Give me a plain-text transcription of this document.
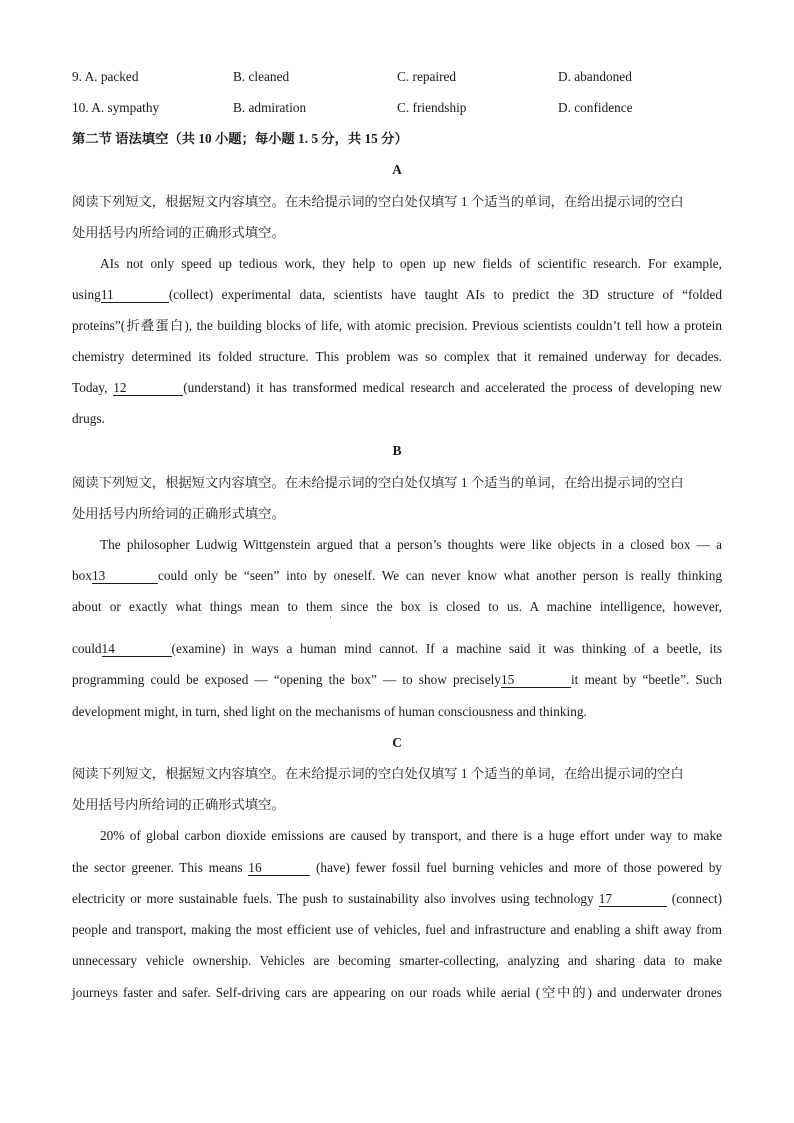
9. A. packed	B. cleaned	C. repaired	D. abandoned
10. A. sympathy	B. admiration	C. friendship	D. confidence
第二节 语法填空（共 10 小题；每小题 1. 5 分，共 15 分）
A
阅读下列短文，根据短文内容填空。在未给提示词的空白处仅填写 1 个适当的单词，在给出提示词的空白
处用括号内所给词的正确形式填空。
AIs not only speed up tedious work, they help to open up new fields of scientific research. For example,
using11	(collect) experimental data, scientists have taught AIs to predict the 3D structure of “folded
proteins”(折叠蛋白), the building blocks of life, with atomic precision. Previous scientists couldn’t tell how a protein
chemistry determined its folded structure. This problem was so complex that it remained underway for decades.
Today, 12	(understand) it has transformed medical research and accelerated the process of developing new
drugs.
B
阅读下列短文，根据短文内容填空。在未给提示词的空白处仅填写 1 个适当的单词，在给出提示词的空白
处用括号内所给词的正确形式填空。
The philosopher Ludwig Wittgenstein argued that a person’s thoughts were like objects in a closed box — a
box13	could only be “seen” into by oneself. We can never know what another person is really thinking
about or exactly what things mean to them since the box is closed to us. A machine intelligence, however,
'
could14	(examine) in ways a human mind cannot. If a machine said it was thinking of a beetle, its
programming could be exposed — “opening the box” — to show precisely15	it meant by “beetle”. Such
development might, in turn, shed light on the mechanisms of human consciousness and thinking.
C
阅读下列短文，根据短文内容填空。在未给提示词的空白处仅填写 1 个适当的单词，在给出提示词的空白
处用括号内所给词的正确形式填空。
20% of global carbon dioxide emissions are caused by transport, and there is a huge effort under way to make
the sector greener. This means 16	(have) fewer fossil fuel burning vehicles and more of those powered by
electricity or more sustainable fuels. The push to sustainability also involves using technology 17	(connect)
people and transport, making the most efficient use of vehicles, fuel and infrastructure and enabling a shift away from
unnecessary vehicle ownership. Vehicles are becoming smarter-collecting, analyzing and sharing data to make
journeys faster and safer. Self-driving cars are appearing on our roads while aerial (空中的) and underwater drones
